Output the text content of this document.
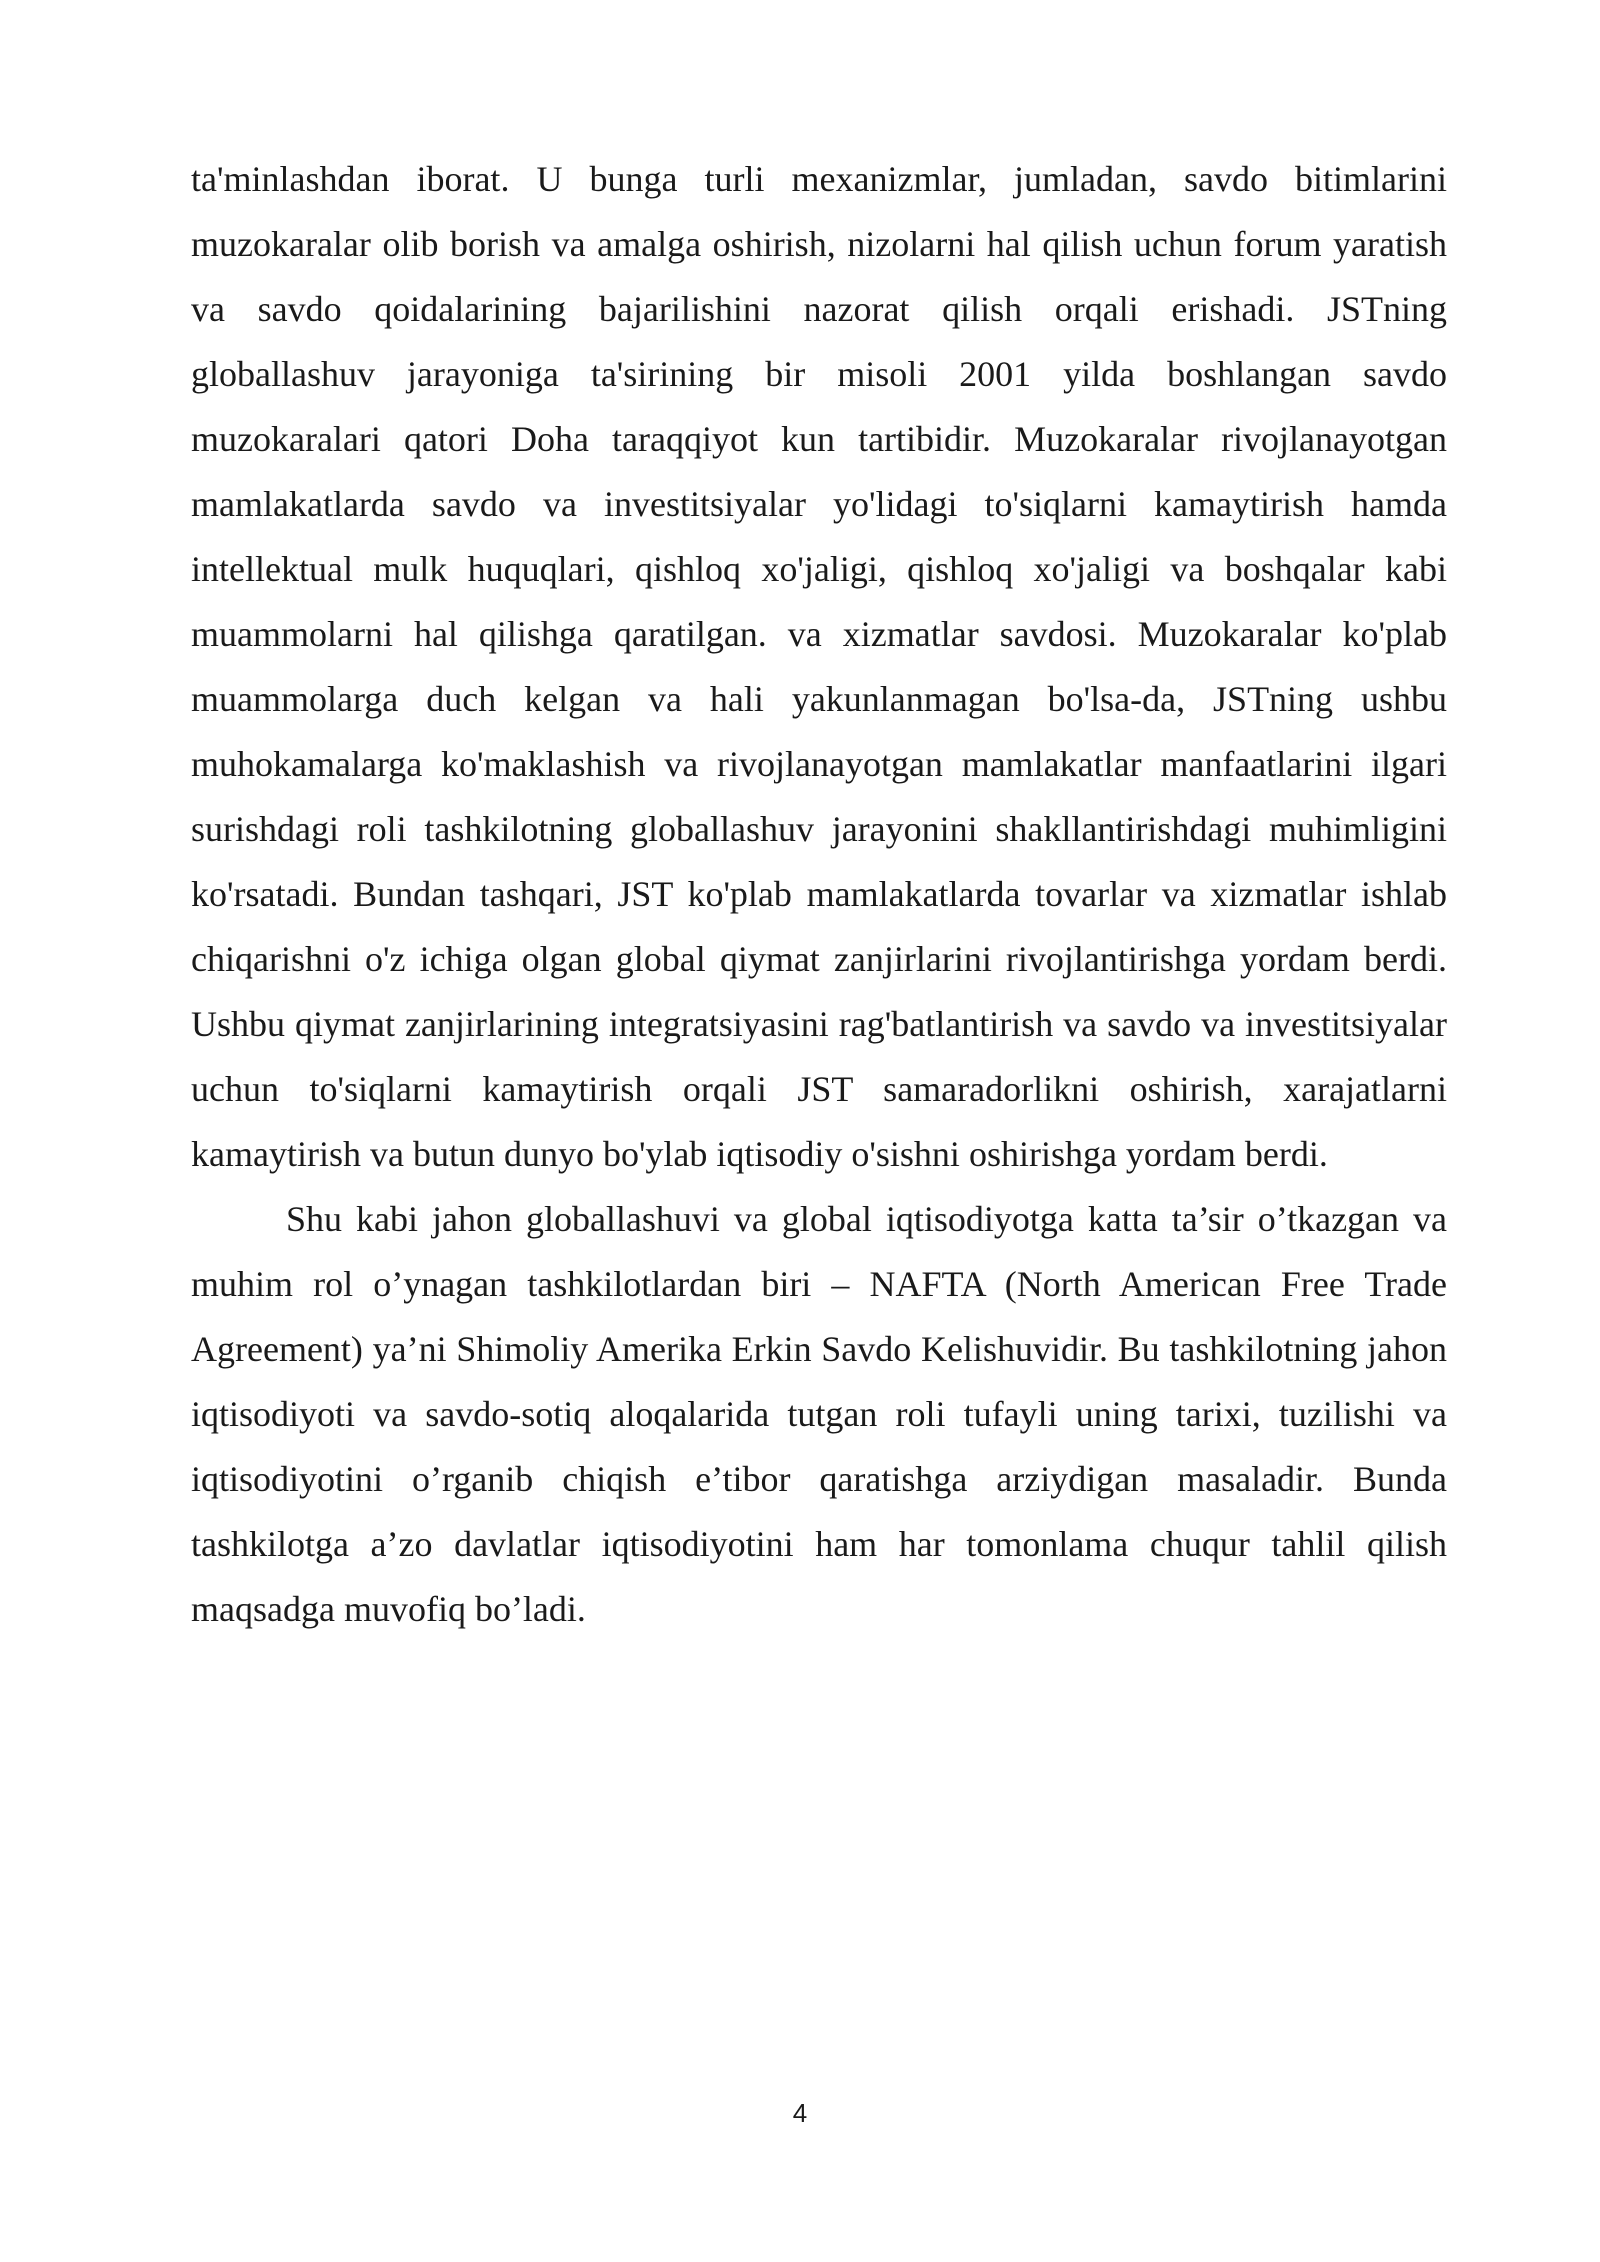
ta'minlashdan iborat. U bunga turli mexanizmlar, jumladan, savdo bitimlarini muzokaralar olib borish va amalga oshirish, nizolarni hal qilish uchun forum yaratish va savdo qoidalarining bajarilishini nazorat qilish orqali erishadi. JSTning globallashuv jarayoniga ta'sirining bir misoli 2001 yilda boshlangan savdo muzokaralari qatori Doha taraqqiyot kun tartibidir. Muzokaralar rivojlanayotgan mamlakatlarda savdo va investitsiyalar yo'lidagi to'siqlarni kamaytirish hamda intellektual mulk huquqlari, qishloq xo'jaligi, qishloq xo'jaligi va boshqalar kabi muammolarni hal qilishga qaratilgan. va xizmatlar savdosi. Muzokaralar ko'plab muammolarga duch kelgan va hali yakunlanmagan bo'lsa-da, JSTning ushbu muhokamalarga ko'maklashish va rivojlanayotgan mamlakatlar manfaatlarini ilgari surishdagi roli tashkilotning globallashuv jarayonini shakllantirishdagi muhimligini ko'rsatadi. Bundan tashqari, JST ko'plab mamlakatlarda tovarlar va xizmatlar ishlab chiqarishni o'z ichiga olgan global qiymat zanjirlarini rivojlantirishga yordam berdi. Ushbu qiymat zanjirlarining integratsiyasini rag'batlantirish va savdo va investitsiyalar uchun to'siqlarni kamaytirish orqali JST samaradorlikni oshirish, xarajatlarni kamaytirish va butun dunyo bo'ylab iqtisodiy o'sishni oshirishga yordam berdi.

Shu kabi jahon globallashuvi va global iqtisodiyotga katta ta’sir o’tkazgan va muhim rol o’ynagan tashkilotlardan biri – NAFTA (North American Free Trade Agreement) ya’ni Shimoliy Amerika Erkin Savdo Kelishuvidir. Bu tashkilotning jahon iqtisodiyoti va savdo-sotiq aloqalarida tutgan roli tufayli uning tarixi, tuzilishi va iqtisodiyotini o’rganib chiqish e’tibor qaratishga arziydigan masaladir. Bunda tashkilotga a’zo davlatlar iqtisodiyotini ham har tomonlama chuqur tahlil qilish maqsadga muvofiq bo’ladi.

4
